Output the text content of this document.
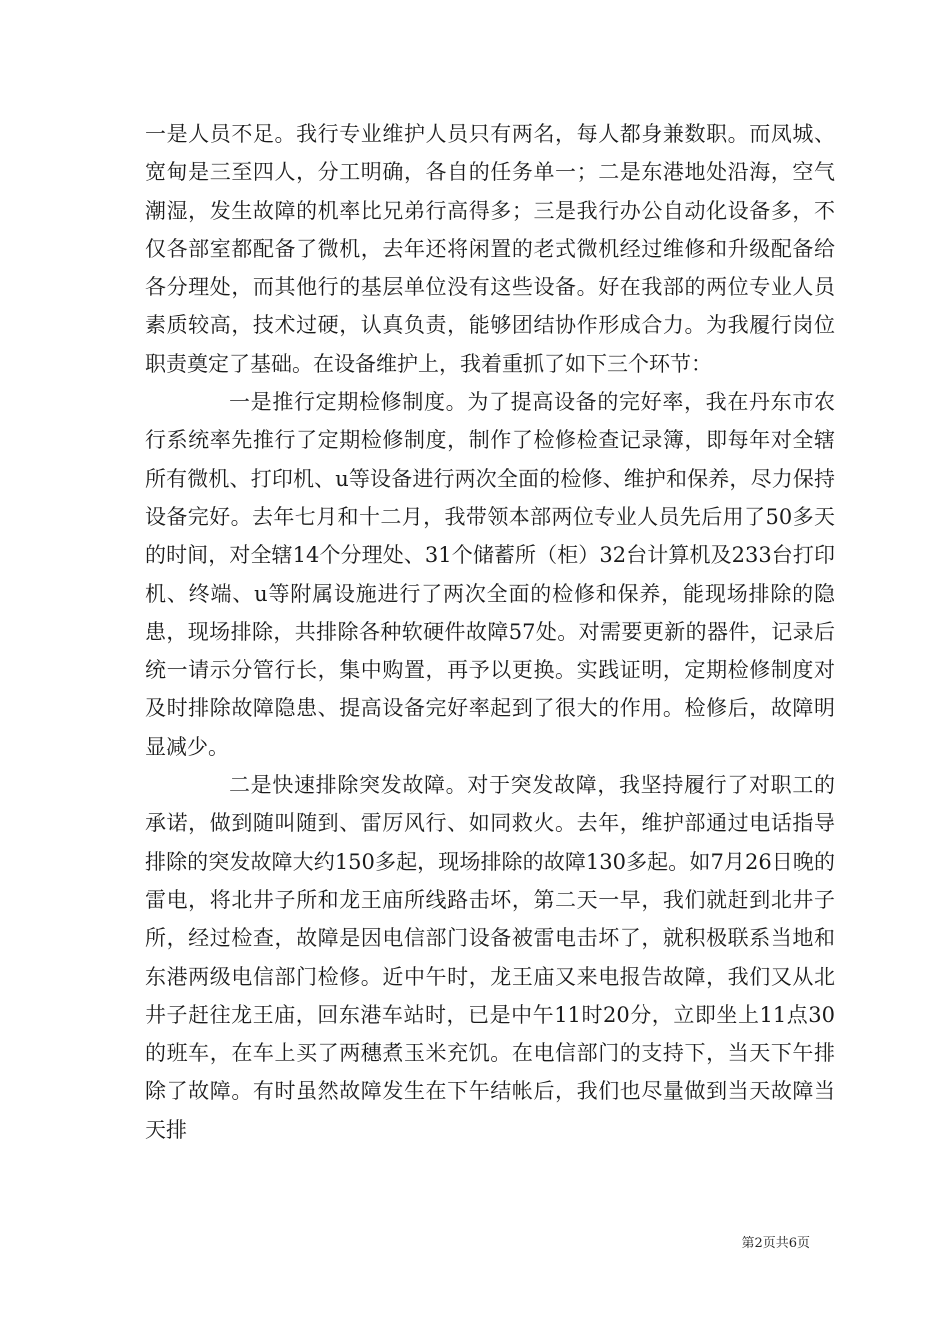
一是人员不足。我行专业维护人员只有两名，每人都身兼数职。而凤城、宽甸是三至四人，分工明确，各自的任务单一；二是东港地处沿海，空气潮湿，发生故障的机率比兄弟行高得多；三是我行办公自动化设备多，不仅各部室都配备了微机，去年还将闲置的老式微机经过维修和升级配备给各分理处，而其他行的基层单位没有这些设备。好在我部的两位专业人员素质较高，技术过硬，认真负责，能够团结协作形成合力。为我履行岗位职责奠定了基础。在设备维护上，我着重抓了如下三个环节：

一是推行定期检修制度。为了提高设备的完好率，我在丹东市农行系统率先推行了定期检修制度，制作了检修检查记录簿，即每年对全辖所有微机、打印机、u等设备进行两次全面的检修、维护和保养，尽力保持设备完好。去年七月和十二月，我带领本部两位专业人员先后用了50多天的时间，对全辖14个分理处、31个储蓄所（柜）32台计算机及233台打印机、终端、u等附属设施进行了两次全面的检修和保养，能现场排除的隐患，现场排除，共排除各种软硬件故障57处。对需要更新的器件，记录后统一请示分管行长，集中购置，再予以更换。实践证明，定期检修制度对及时排除故障隐患、提高设备完好率起到了很大的作用。检修后，故障明显减少。

二是快速排除突发故障。对于突发故障，我坚持履行了对职工的承诺，做到随叫随到、雷厉风行、如同救火。去年，维护部通过电话指导排除的突发故障大约150多起，现场排除的故障130多起。如7月26日晚的雷电，将北井子所和龙王庙所线路击坏，第二天一早，我们就赶到北井子所，经过检查，故障是因电信部门设备被雷电击坏了，就积极联系当地和东港两级电信部门检修。近中午时，龙王庙又来电报告故障，我们又从北井子赶往龙王庙，回东港车站时，已是中午11时20分，立即坐上11点30的班车，在车上买了两穗煮玉米充饥。在电信部门的支持下，当天下午排除了故障。有时虽然故障发生在下午结帐后，我们也尽量做到当天故障当天排

第2页共6页
